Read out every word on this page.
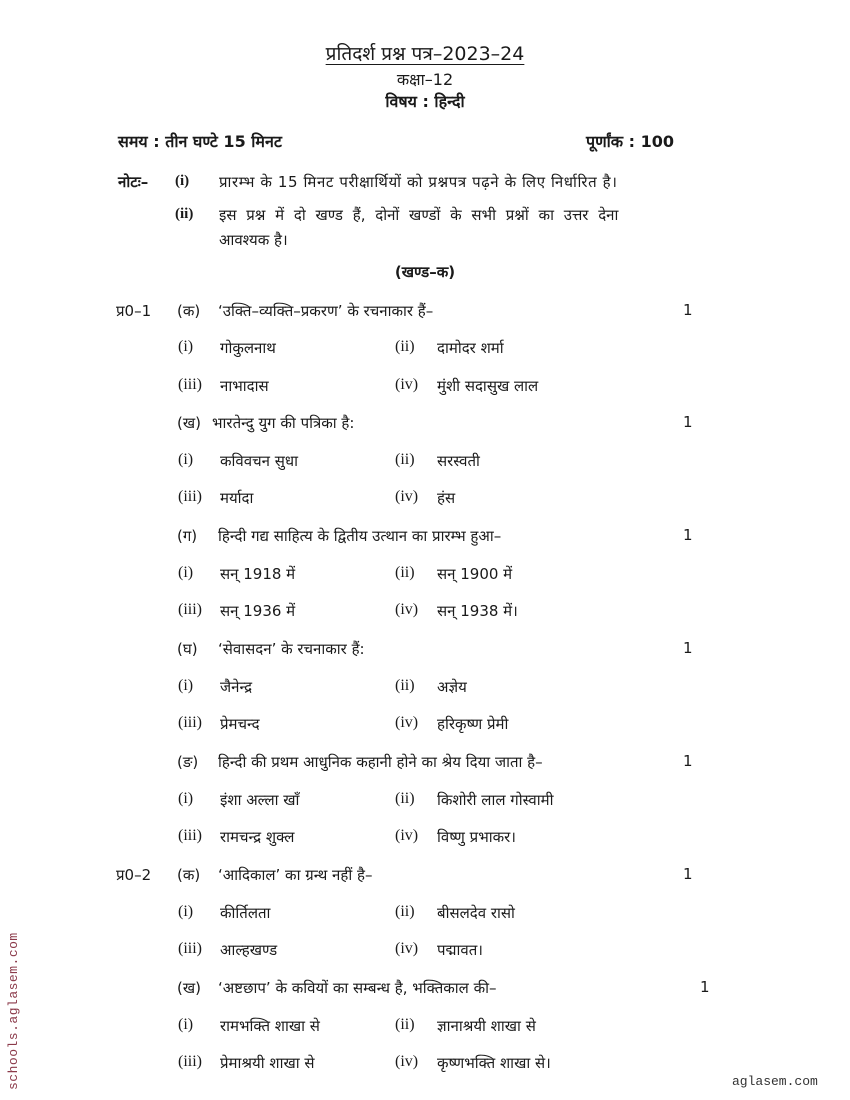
प्रतिदर्श प्रश्न पत्र–2023–24
कक्षा–12
विषय : हिन्दी
समय : तीन घण्टे 15 मिनट	पूर्णांक : 100
नोटः– (i) प्रारम्भ के 15 मिनट परीक्षार्थियों को प्रश्नपत्र पढ़ने के लिए निर्धारित है।
(ii) इस प्रश्न में दो खण्ड हैं, दोनों खण्डों के सभी प्रश्नों का उत्तर देना
आवश्यक है।
(खण्ड–क)
प्र0–1 (क) ‘उक्ति–व्यक्ति–प्रकरण’ के रचनाकार हैं–	1
(i) गोकुलनाथ	(ii) दामोदर शर्मा
(iii) नाभादास	(iv) मुंशी सदासुख लाल
(ख) भारतेन्दु युग की पत्रिका है:	1
(i) कविवचन सुधा	(ii) सरस्वती
(iii) मर्यादा	(iv) हंस
(ग) हिन्दी गद्य साहित्य के द्वितीय उत्थान का प्रारम्भ हुआ–	1
(i) सन् 1918 में	(ii) सन् 1900 में
(iii) सन् 1936 में	(iv) सन् 1938 में।
(घ) ‘सेवासदन’ के रचनाकार हैं:	1
(i) जैनेन्द्र	(ii) अज्ञेय
(iii) प्रेमचन्द	(iv) हरिकृष्ण प्रेमी
(ङ) हिन्दी की प्रथम आधुनिक कहानी होने का श्रेय दिया जाता है–	1
(i) इंशा अल्ला खाँ	(ii) किशोरी लाल गोस्वामी
(iii) रामचन्द्र शुक्ल	(iv) विष्णु प्रभाकर।
प्र0–2 (क) ‘आदिकाल’ का ग्रन्थ नहीं है–	1
(i) कीर्तिलता	(ii) बीसलदेव रासो
(iii) आल्हखण्ड	(iv) पद्मावत।
(ख) ‘अष्टछाप’ के कवियों का सम्बन्ध है, भक्तिकाल की–	1
(i) रामभक्ति शाखा से	(ii) ज्ञानाश्रयी शाखा से
(iii) प्रेमाश्रयी शाखा से	(iv) कृष्णभक्ति शाखा से।
schools.aglasem.com	aglasem.com
